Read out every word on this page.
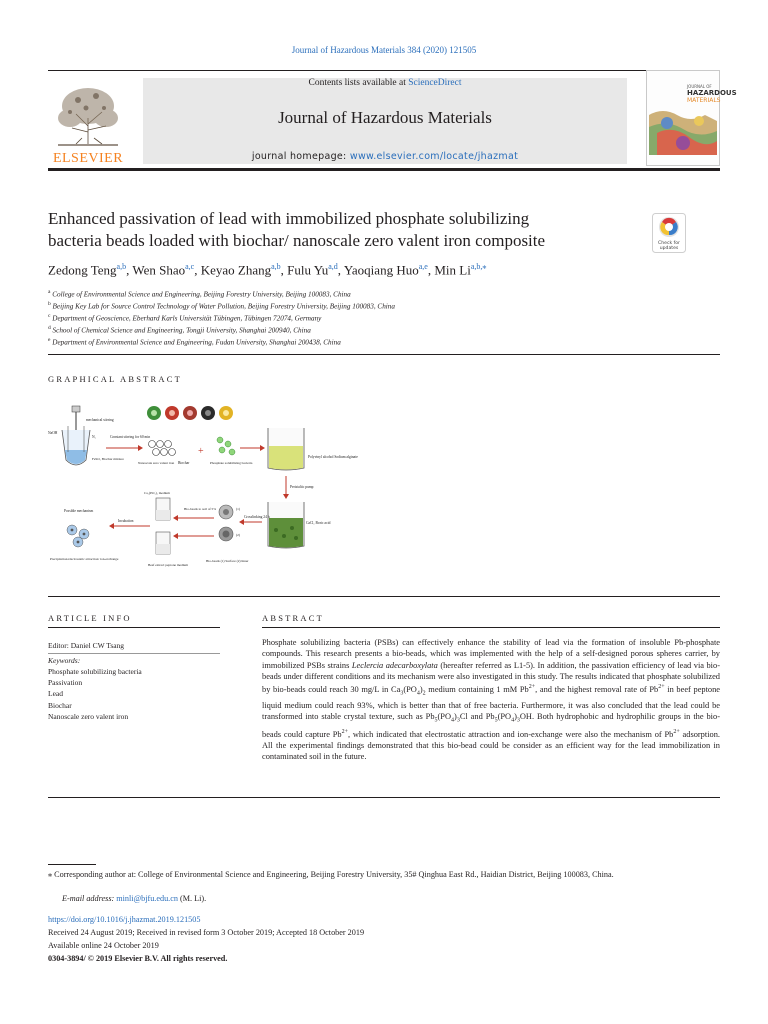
Journal of Hazardous Materials 384 (2020) 121505
ELSEVIER
Contents lists available at ScienceDirect
Journal of Hazardous Materials
journal homepage: www.elsevier.com/locate/jhazmat
JOURNAL OF
HAZARDOUS
MATERIALS
Enhanced passivation of lead with immobilized phosphate solubilizing
bacteria beads loaded with biochar/ nanoscale zero valent iron composite	Check for
updates
Zedong Teng$^{a,b}$, Wen Shao$^{a,c}$, Keyao Zhang$^{a,b}$, Fulu Yu$^{a,d}$, Yaoqiang Huo$^{a,e}$, Min $Li^{a,b,⁎}$
$^a$ College of Environmental Science and Engineering, Beijing Forestry University, Beijing 100083, China
$^b$ Beijing Key Lab for Source Control Technology of Water Pollution, Beijing Forestry University, Beijing 100083, China
$^c$ Department of Geoscience, Eberhard Karls Universität Tübingen, Tübingen 72074, Germany
$^d$ School of Chemical Science and Engineering, Tongji University, Shanghai 200940, China
$^e$ Department of Environmental Science and Engineering, Fudan University, Shanghai 200438, China
GRAPHICAL ABSTRACT
NaOH
mechanical stirring
N₂
FeSO₄ Biochar mixture
Constant stirring for 60 min
Nanoscale zero valent iron Biochar
+
Phosphate solubilizing bacteria
Polyvinyl alcohol Sodium alginate
Peristaltic pump
CaCl₂ Boric acid
Crosslinking 24 h
(1)
(2)
Bio-beads (1) Surface (2) Inner
Ca₃(PO₄)₂ medium
Bio-beads to soil of 5%
Beef extract peptone medium
Incubation
Possible mechanism
Precipitation/electrostatic attraction/ ion-exchange
ARTICLE INFO
Editor: Daniel CW Tsang
Keywords:
Phosphate solubilizing bacteria
Passivation
Lead
Biochar
Nanoscale zero valent iron
ABSTRACT
Phosphate solubilizing bacteria (PSBs) can effectively enhance the stability of lead via the formation of insoluble Pb-phosphate compounds. This research presents a bio-beads, which was implemented with the help of a self-designed porous spheres carrier, by immobilized PSBs strains Leclercia adecarboxylata (hereafter referred as L1-5). In addition, the passivation efficiency of lead via bio-beads under different conditions and its mechanism were also investigated in this study. The results indicated that phosphate solubilized by bio-beads could reach 30 mg/L in $Ca_3(PO_4)_2$ medium containing 1 mM $Pb^{2+}$, and the highest removal rate of $Pb^{2+}$ in beef peptone liquid medium could reach 93%, which is better than that of free bacteria. Furthermore, it was also concluded that the lead could be transformed into stable crystal texture, such as $Pb_5(PO_4)_3Cl$ and $Pb_5(PO_4)_3OH$. Both hydrophobic and hydrophilic groups in the bio-beads could capture $Pb^{2+}$, which indicated that electrostatic attraction and ion-exchange were also the mechanism of $Pb^{2+}$ adsorption. All the experimental findings demonstrated that this bio-bead could be consider as an efficient way for the lead immobilization in contaminated soil in the future.
⁎ Corresponding author at: College of Environmental Science and Engineering, Beijing Forestry University, 35# Qinghua East Rd., Haidian District, Beijing 100083, China.
E-mail address: minli@bjfu.edu.cn (M. Li).
https://doi.org/10.1016/j.jhazmat.2019.121505
Received 24 August 2019; Received in revised form 3 October 2019; Accepted 18 October 2019
Available online 24 October 2019
0304-3894/ © 2019 Elsevier B.V. All rights reserved.
